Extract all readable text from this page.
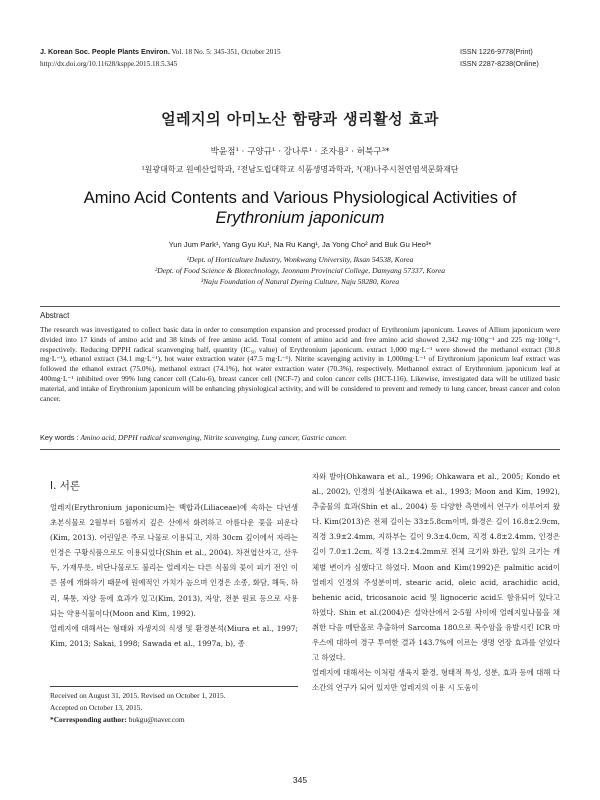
J. Korean Soc. People Plants Environ. Vol. 18 No. 5: 345-351, October 2015
http://dx.doi.org/10.11628/ksppe.2015.18.5.345
ISSN 1226-9778(Print)
ISSN 2287-8238(Online)
얼레지의 아미노산 함량과 생리활성 효과
박윤점¹ · 구양규¹ · 강나루¹ · 조자용² · 허북구³*
¹원광대학교 원예산업학과, ²전남도립대학교 식품생명과학과, ³(재)나주시천연염색문화재단
Amino Acid Contents and Various Physiological Activities of
Erythronium japonicum
Yun Jum Park¹, Yang Gyu Ku¹, Na Ru Kang¹, Ja Yong Cho² and Buk Gu Heo³*
¹Dept. of Horticulture Industry, Wonkwang University, Iksan 54538, Korea
²Dept. of Food Science & Biotechnology, Jeonnam Provincial College, Damyang 57337, Korea
³Naju Foundation of Natural Dyeing Culture, Naju 58280, Korea
Abstract
The research was investigated to collect basic data in order to consumption expansion and processed product of Erythronium japonicum. Leaves of Allium japonicum were divided into 17 kinds of amino acid and 38 kinds of free amino acid. Total content of amino acid and free amino acid showed 2,342 mg·100g⁻¹ and 225 mg·100g⁻¹, respectively. Reducing DPPH radical scanvenging half, quantity (IC₅₀ value) of Erythronium japonicum. extract 1,000 mg·L⁻¹ were showed the methanol extract (30.8 mg·L⁻¹), ethanol extract (34.1 mg·L⁻¹), hot water extraction water (47.5 mg·L⁻¹). Nitrite scavenging activity in 1,000mg·L⁻¹ of Erythronium japonicum leaf extract was followed the ethanol extract (75.0%), methanol extract (74.1%), hot water extraction water (70.3%), respectively. Methannol extract of Erythronium japonicum leaf at 400mg·L⁻¹ inhibited over 99% lung cancer cell (Calu-6), breast cancer cell (NCF-7) and colon cancer cells (HCT-116). Likewise, investigated data will be utilized basic material, and intake of Erythronium japonicum will be enhancing physiological activity, and will be considered to prevent and remedy to lung cancer, breast cancer and colon cancer.
Key words : Amino acid, DPPH radical scanvenging, Nitrite scavenging, Lung cancer, Gastric cancer.
Ⅰ. 서론

얼레지(Erythronium japonicum)는 백합과(Liliaceae)에 속하는 다년생 초본식물로 2월부터 5월까지 깊은 산에서 화려하고 아름다운 꽃을 피운다(Kim, 2013). 어린잎은 주로 나물로 이용되고, 지하 30cm 깊이에서 자라는 인경은 구황식품으로도 이용되었다(Shin et al., 2004). 차전엽산자고, 산우두, 가재무릇, 비단나물로도 불리는 얼레지는 다른 식물의 꽃이 피기 전인 이른 봄에 개화하기 때문에 원예적인 가치가 높으며 인경은 소종, 화담, 해독, 하리, 복통, 자양 등에 효과가 있고(Kim, 2013), 자양, 전분 원료 등으로 사용되는 약용식물이다(Moon and Kim, 1992).

얼레지에 대해서는 형태와 자생지의 식생 및 환경분석(Miura et al., 1997; Kim, 2013; Sakai, 1998; Sawada et al., 1997a, b), 종

자와 발아(Ohkawara et al., 1996; Ohkawara et al., 2005; Kondo et al., 2002), 인경의 성분(Aikawa et al., 1993; Moon and Kim, 1992), 추출물의 효과(Shin et al., 2004) 등 다양한 측면에서 연구가 이루어져 왔다. Kim(2013)은 전체 길이는 33±5.8cm이며, 화경은 길이 16.8±2.9cm, 직경 3.9±2.4mm, 지하부는 길이 9.3±4.0cm, 직경 4.8±2.4mm, 인경은 길이 7.0±1.2cm, 직경 13.2±4.2mm로 전체 크기와 화관, 잎의 크기는 개체별 변이가 심했다고 하였다. Moon and Kim(1992)은 palmitic acid이 얼레지 인경의 주성분이며, stearic acid, oleic acid, arachidic acid, behenic acid, tricosanoic acid 및 lignoceric acid도 함유되어 있다고 하였다. Shin et al.(2004)은 설악산에서 2-5월 사이에 얼레지잎나물을 채취한 다음 메탄올로 추출하여 Sarcoma 180으로 복수암을 유발시킨 ICR 마우스에 대하여 경구 투여한 결과 143.7%에 이르는 생명 연장 효과를 얻었다고 하였다.

얼레지에 대해서는 이처럼 생육지 환경, 형태적 특성, 성분, 효과 등에 대해 다소간의 연구가 되어 있지만 얼레지의 이용 시 도움이

Received on August 31, 2015. Revised on October 1, 2015.
Accepted on October 13, 2015.
*Corresponding author: bukgu@naver.com
345
